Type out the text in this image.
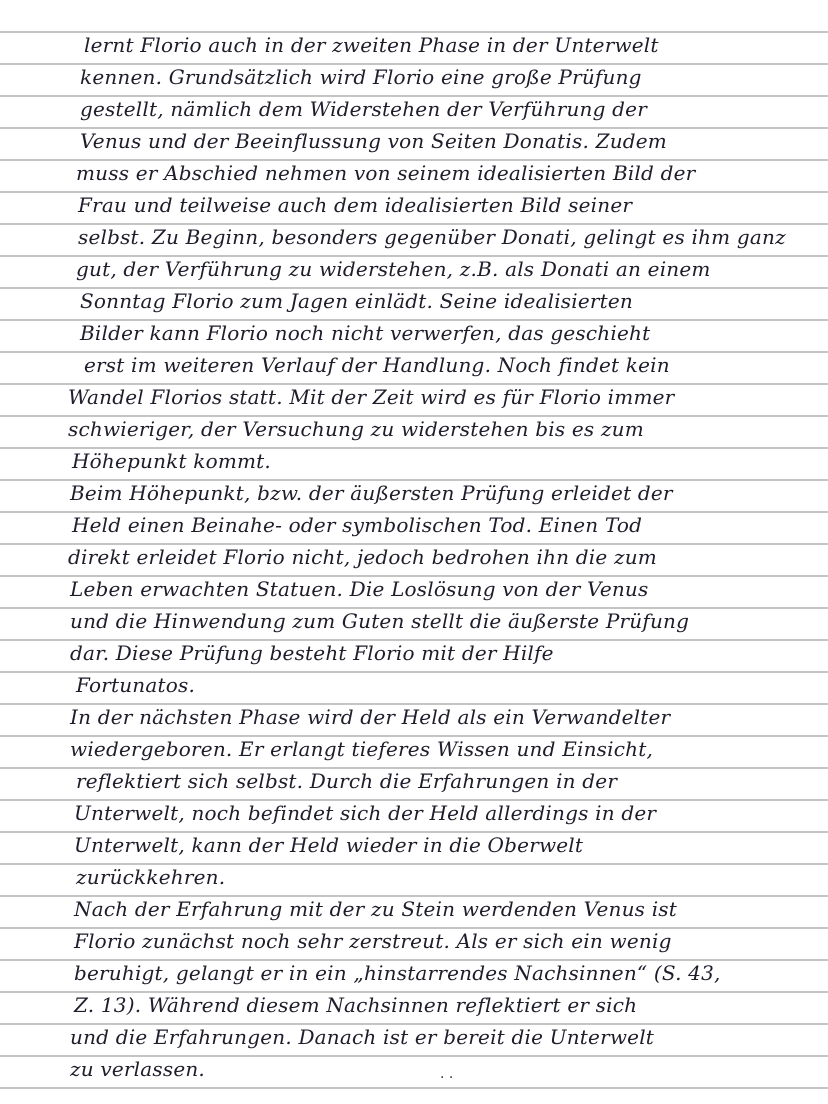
lernt Florio auch in der zweiten Phase in der Unterwelt
kennen. Grundsätzlich wird Florio eine große Prüfung
gestellt, nämlich dem Widerstehen der Verführung der
Venus und der Beeinflussung von Seiten Donatis. Zudem
muss er Abschied nehmen von seinem idealisierten Bild der
Frau und teilweise auch dem idealisierten Bild seiner
selbst. Zu Beginn, besonders gegenüber Donati, gelingt es ihm ganz
gut, der Verführung zu widerstehen, z.B. als Donati an einem
Sonntag Florio zum Jagen einlädt. Seine idealisierten
Bilder kann Florio noch nicht verwerfen, das geschieht
erst im weiteren Verlauf der Handlung. Noch findet kein
Wandel Florios statt. Mit der Zeit wird es für Florio immer
schwieriger, der Versuchung zu widerstehen bis es zum
Höhepunkt kommt.
Beim Höhepunkt, bzw. der äußersten Prüfung erleidet der
Held einen Beinahe- oder symbolischen Tod. Einen Tod
direkt erleidet Florio nicht, jedoch bedrohen ihn die zum
Leben erwachten Statuen. Die Loslösung von der Venus
und die Hinwendung zum Guten stellt die äußerste Prüfung
dar. Diese Prüfung besteht Florio mit der Hilfe
Fortunatos.
In der nächsten Phase wird der Held als ein Verwandelter
wiedergeboren. Er erlangt tieferes Wissen und Einsicht,
reflektiert sich selbst. Durch die Erfahrungen in der
Unterwelt, noch befindet sich der Held allerdings in der
Unterwelt, kann der Held wieder in die Oberwelt
zurückkehren.
Nach der Erfahrung mit der zu Stein werdenden Venus ist
Florio zunächst noch sehr zerstreut. Als er sich ein wenig
beruhigt, gelangt er in ein „hinstarrendes Nachsinnen“ (S. 43,
Z. 13). Während diesem Nachsinnen reflektiert er sich
und die Erfahrungen. Danach ist er bereit die Unterwelt
zu verlassen.	· ·
